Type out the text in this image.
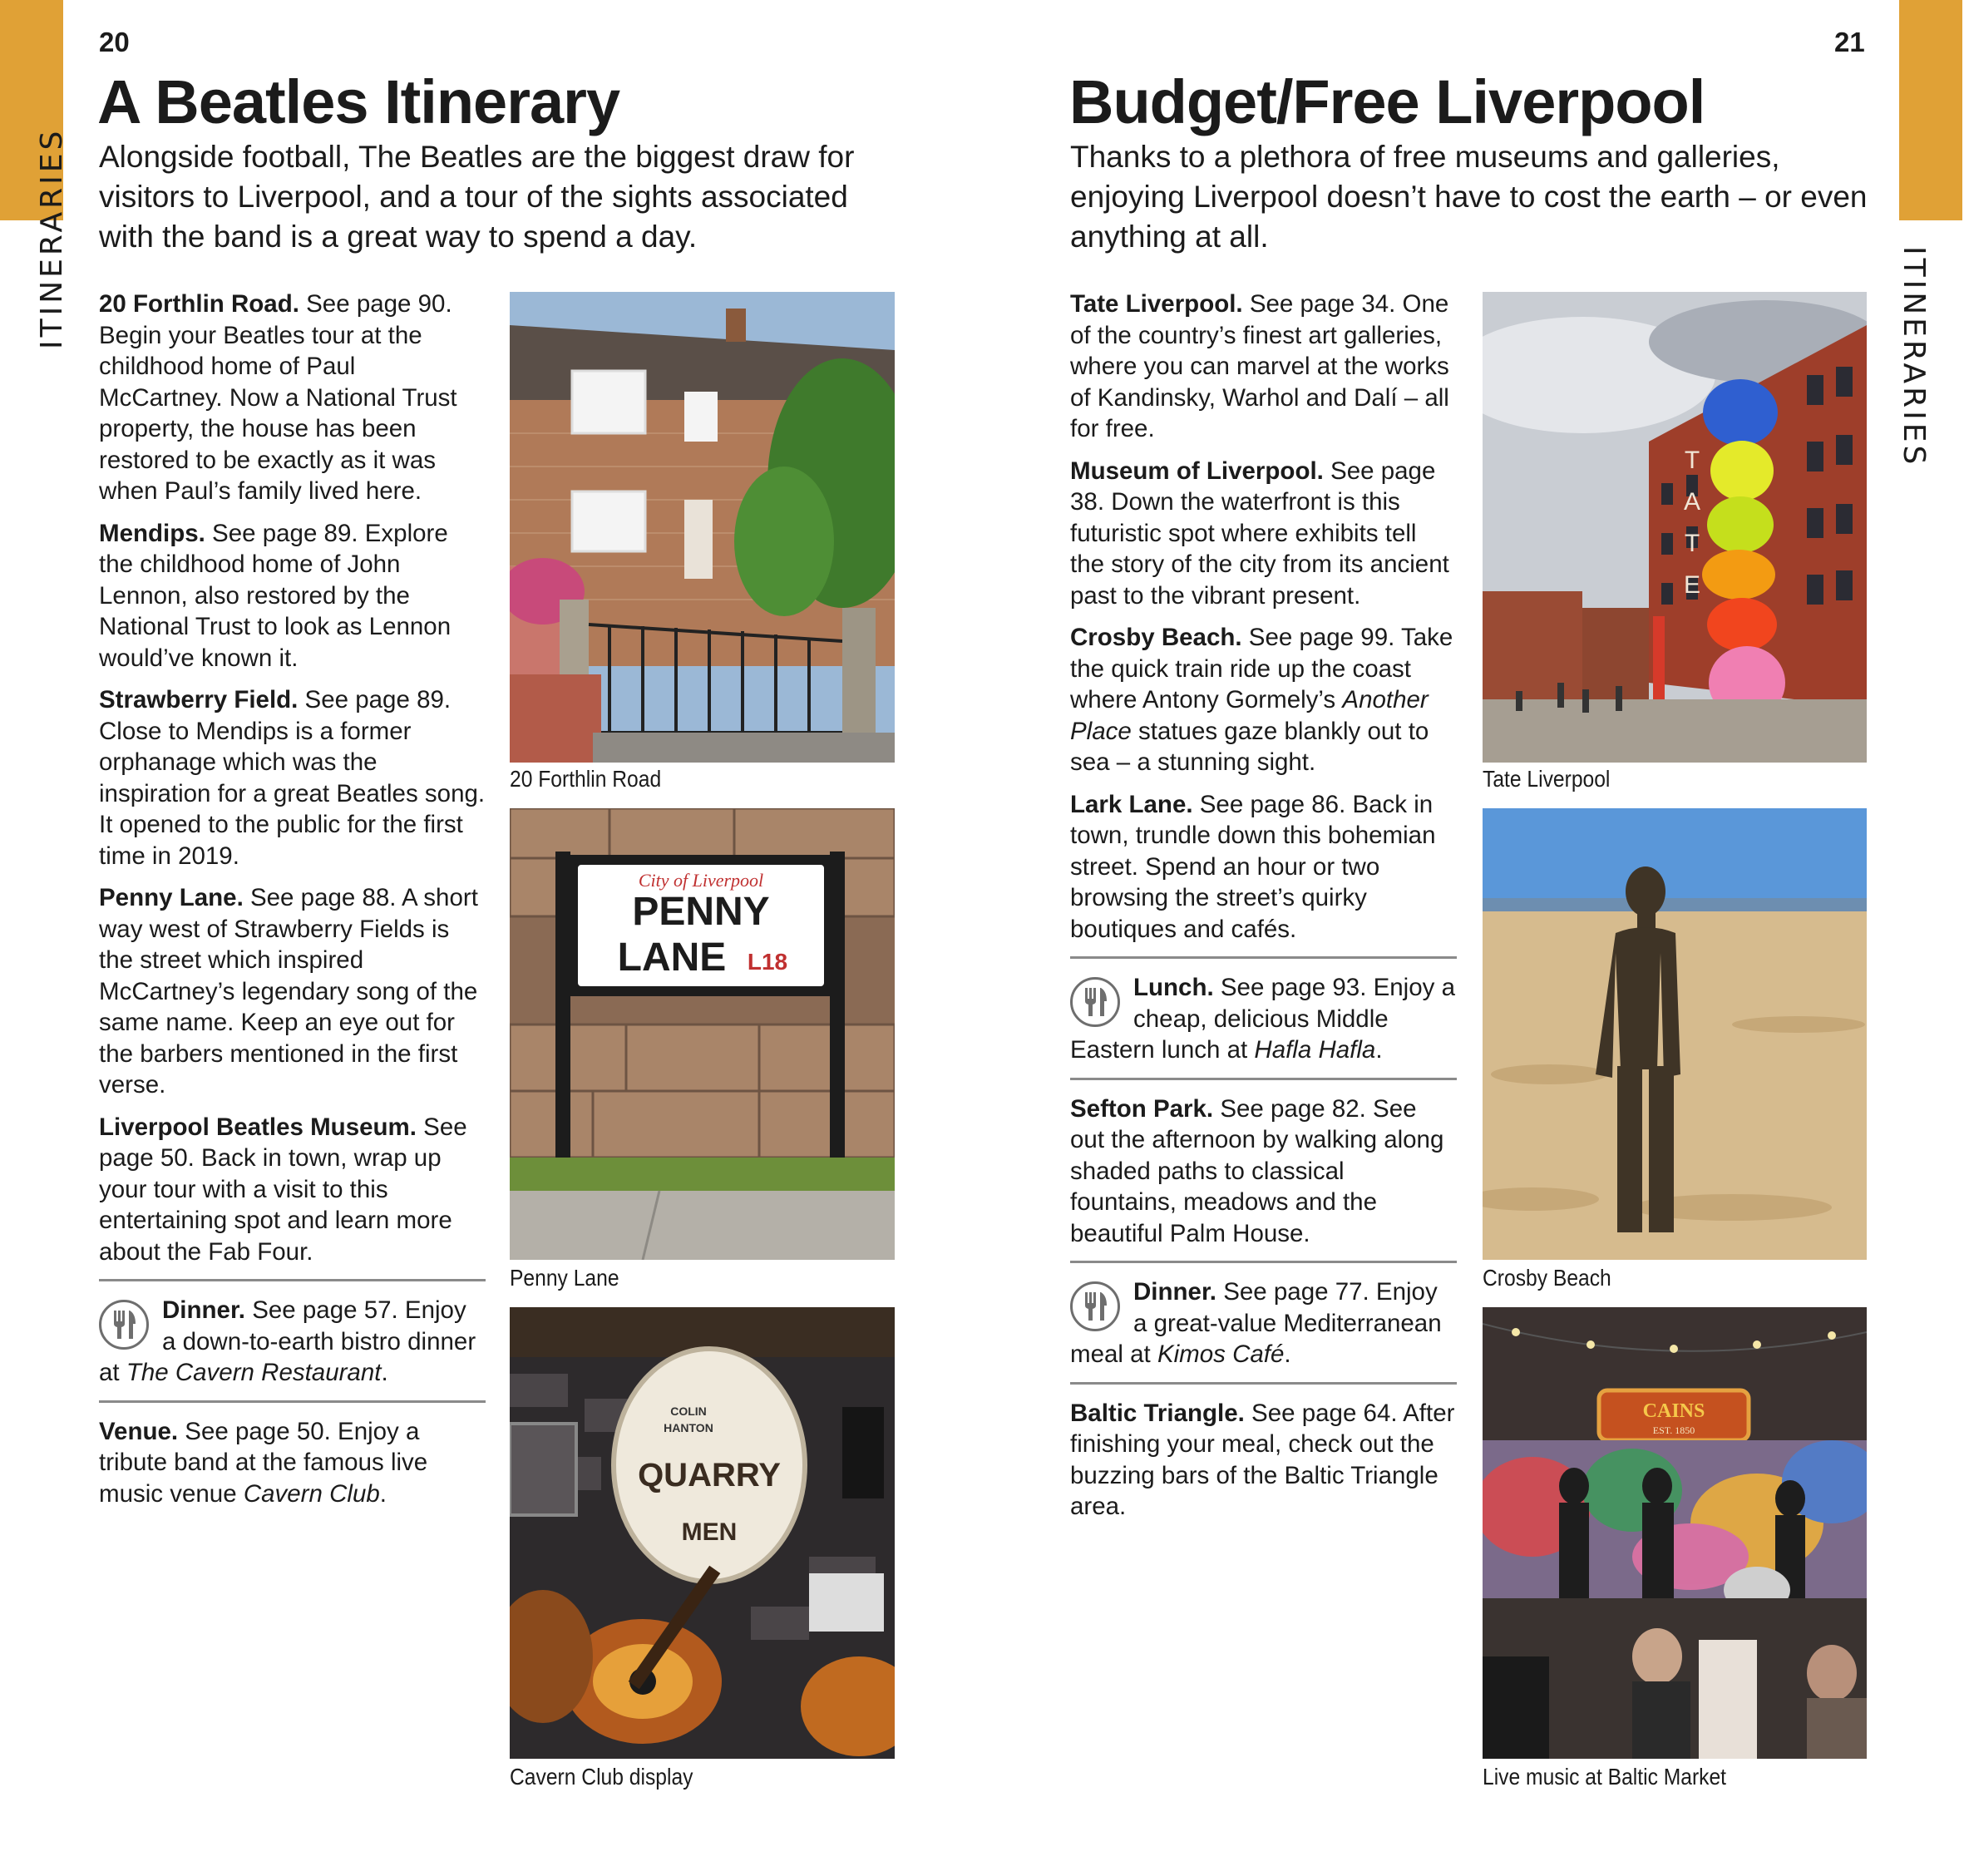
ITINERARIES
ITINERARIES
20
A Beatles Itinerary

Alongside football, The Beatles are the biggest draw for visitors to Liverpool, and a tour of the sights associated with the band is a great way to spend a day.

20 Forthlin Road. See page 90. Begin your Beatles tour at the childhood home of Paul McCartney. Now a National Trust property, the house has been restored to be exactly as it was when Paul’s family lived here.

Mendips. See page 89. Explore the childhood home of John Lennon, also restored by the National Trust to look as Lennon would’ve known it.

Strawberry Field. See page 89. Close to Mendips is a former orphanage which was the inspiration for a great Beatles song. It opened to the public for the first time in 2019.

Penny Lane. See page 88. A short way west of Strawberry Fields is the street which inspired McCartney’s legendary song of the same name. Keep an eye out for the barbers mentioned in the first verse.

Liverpool Beatles Museum. See page 50. Back in town, wrap up your tour with a visit to this entertaining spot and learn more about the Fab Four.

Dinner. See page 57. Enjoy a down-to-earth bistro dinner at The Cavern Restaurant.

Venue. See page 50. Enjoy a tribute band at the famous live music venue Cavern Club.

20 Forthlin Road
City of Liverpool
PENNY
LANE L18
Penny Lane
COLIN
HANTON
QUARRY
MEN
Cavern Club display
21
Budget/Free Liverpool

Thanks to a plethora of free museums and galleries, enjoying Liverpool doesn’t have to cost the earth – or even anything at all.

Tate Liverpool. See page 34. One of the country’s finest art galleries, where you can marvel at the works of Kandinsky, Warhol and Dalí – all for free.

Museum of Liverpool. See page 38. Down the waterfront is this futuristic spot where exhibits tell the story of the city from its ancient past to the vibrant present.

Crosby Beach. See page 99. Take the quick train ride up the coast where Antony Gormely’s Another Place statues gaze blankly out to sea – a stunning sight.

Lark Lane. See page 86. Back in town, trundle down this bohemian street. Spend an hour or two browsing the street’s quirky boutiques and cafés.

Lunch. See page 93. Enjoy a cheap, delicious Middle Eastern lunch at Hafla Hafla.

Sefton Park. See page 82. See out the afternoon by walking along shaded paths to classical fountains, meadows and the beautiful Palm House.

Dinner. See page 77. Enjoy a great-value Mediterranean meal at Kimos Café.

Baltic Triangle. See page 64. After finishing your meal, check out the buzzing bars of the Baltic Triangle area.

T
A
T
E
Tate Liverpool
Crosby Beach
CAINS
EST. 1850
Live music at Baltic Market
